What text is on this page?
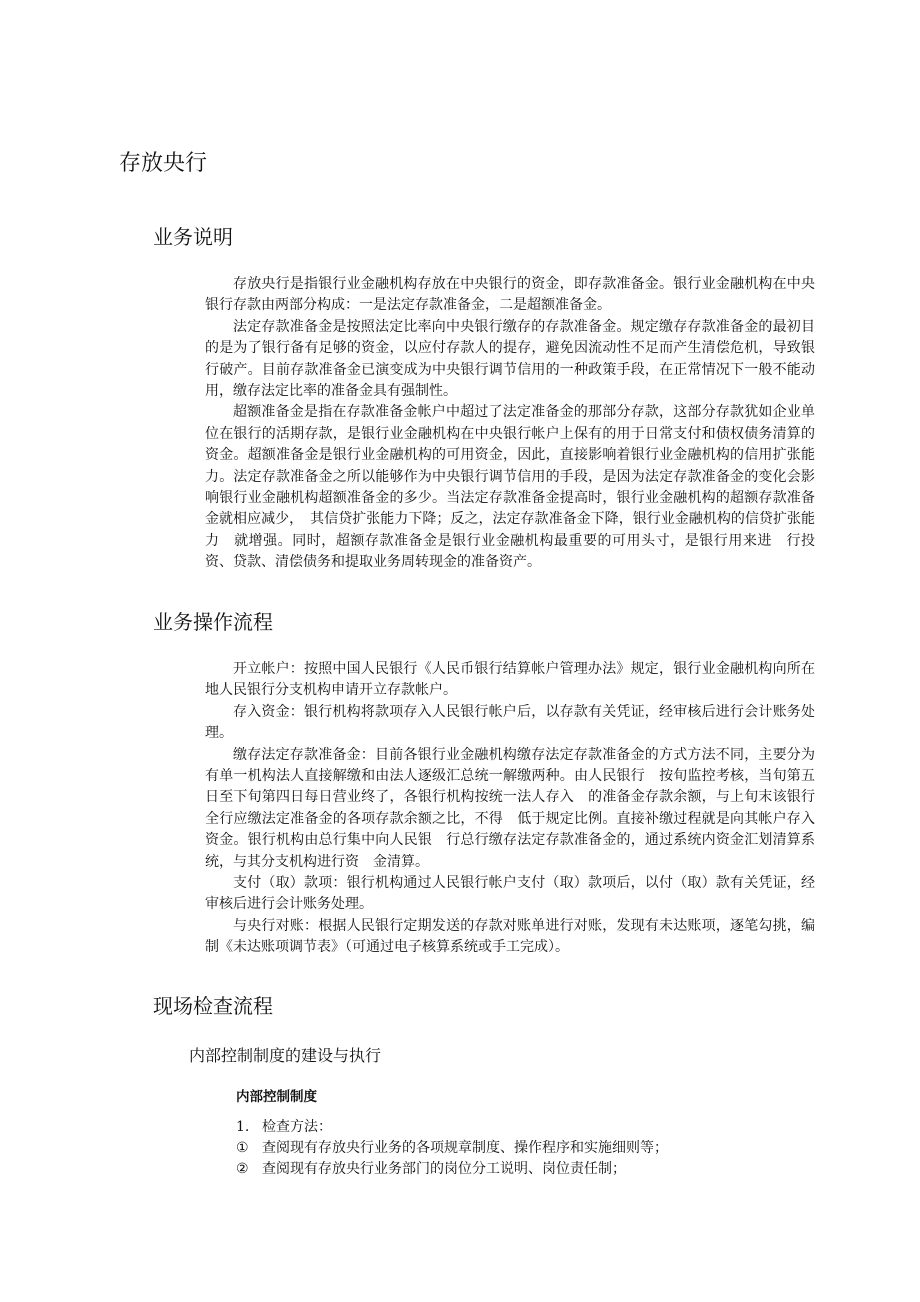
存放央行
业务说明

存放央行是指银行业金融机构存放在中央银行的资金，即存款准备金。银行业金融机构在中央银行存款由两部分构成：一是法定存款准备金，二是超额准备金。

法定存款准备金是按照法定比率向中央银行缴存的存款准备金。规定缴存存款准备金的最初目的是为了银行备有足够的资金，以应付存款人的提存，避免因流动性不足而产生清偿危机，导致银行破产。目前存款准备金已演变成为中央银行调节信用的一种政策手段，在正常情况下一般不能动用，缴存法定比率的准备金具有强制性。

超额准备金是指在存款准备金帐户中超过了法定准备金的那部分存款，这部分存款犹如企业单位在银行的活期存款，是银行业金融机构在中央银行帐户上保有的用于日常支付和债权债务清算的资金。超额准备金是银行业金融机构的可用资金，因此，直接影响着银行业金融机构的信用扩张能力。法定存款准备金之所以能够作为中央银行调节信用的手段，是因为法定存款准备金的变化会影响银行业金融机构超额准备金的多少。当法定存款准备金提高时，银行业金融机构的超额存款准备金就相应减少，　其信贷扩张能力下降；反之，法定存款准备金下降，银行业金融机构的信贷扩张能力　就增强。同时，超额存款准备金是银行业金融机构最重要的可用头寸，是银行用来进　行投资、贷款、清偿债务和提取业务周转现金的准备资产。

业务操作流程

开立帐户：按照中国人民银行《人民币银行结算帐户管理办法》规定，银行业金融机构向所在地人民银行分支机构申请开立存款帐户。

存入资金：银行机构将款项存入人民银行帐户后，以存款有关凭证，经审核后进行会计账务处理。

缴存法定存款准备金：目前各银行业金融机构缴存法定存款准备金的方式方法不同，主要分为有单一机构法人直接解缴和由法人逐级汇总统一解缴两种。由人民银行　按旬监控考核，当旬第五日至下旬第四日每日营业终了，各银行机构按统一法人存入　的准备金存款余额，与上旬末该银行全行应缴法定准备金的各项存款余额之比，不得　低于规定比例。直接补缴过程就是向其帐户存入资金。银行机构由总行集中向人民银　行总行缴存法定存款准备金的，通过系统内资金汇划清算系统，与其分支机构进行资　金清算。

支付（取）款项：银行机构通过人民银行帐户支付（取）款项后，以付（取）款有关凭证，经审核后进行会计账务处理。

与央行对账：根据人民银行定期发送的存款对账单进行对账，发现有未达账项，逐笔勾挑，编制《未达账项调节表》（可通过电子核算系统或手工完成）。

现场检查流程
内部控制制度的建设与执行
内部控制制度
1. 检查方法：
① 查阅现有存放央行业务的各项规章制度、操作程序和实施细则等；
② 查阅现有存放央行业务部门的岗位分工说明、岗位责任制；
